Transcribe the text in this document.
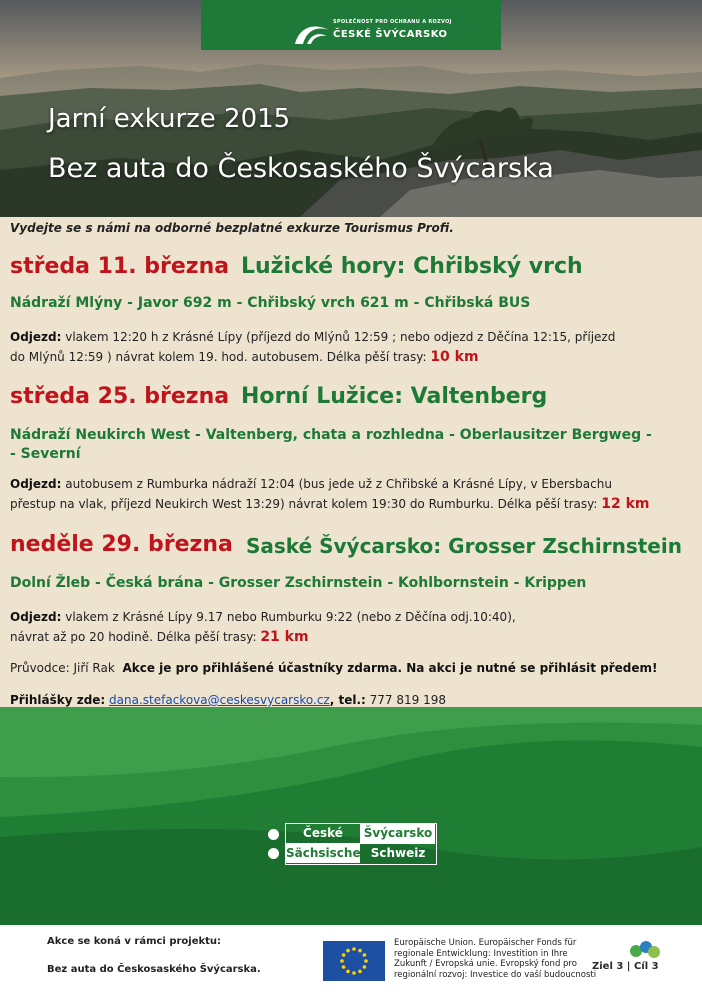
SPOLEČNOST PRO OCHRANU A ROZVOJ
ČESKÉ ŠVÝCARSKO
Jarní exkurze 2015
Bez auta do Českosaského Švýcarska
Vydejte se s námi na odborné bezplatné exkurze Tourismus Profi.
středa 11. března Lužické hory: Chřibský vrch
Nádraží Mlýny - Javor 692 m - Chřibský vrch 621 m - Chřibská BUS
Odjezd: vlakem 12:20 h z Krásné Lípy (příjezd do Mlýnů 12:59 ; nebo odjezd z Děčína 12:15, příjezd
do Mlýnů 12:59 ) návrat kolem 19. hod. autobusem. Délka pěší trasy: 10 km
středa 25. března Horní Lužice: Valtenberg
Nádraží Neukirch West - Valtenberg, chata a rozhledna - Oberlausitzer Bergweg -
- Severní
Odjezd: autobusem z Rumburka nádraží 12:04 (bus jede už z Chřibské a Krásné Lípy, v Ebersbachu
přestup na vlak, příjezd Neukirch West 13:29) návrat kolem 19:30 do Rumburku. Délka pěší trasy: 12 km
neděle 29. března Saské Švýcarsko: Grosser Zschirnstein
Dolní Žleb - Česká brána - Grosser Zschirnstein - Kohlbornstein - Krippen
Odjezd: vlakem z Krásné Lípy 9.17 nebo Rumburku 9:22 (nebo z Děčína odj.10:40),
návrat až po 20 hodině. Délka pěší trasy: 21 km
Průvodce: Jiří Rak Akce je pro přihlášené účastníky zdarma. Na akci je nutné se přihlásit předem!
Přihlášky zde: dana.stefackova@ceskesvycarsko.cz, tel.: 777 819 198
České	Švýcarsko
Sächsische Schweiz
Akce se koná v rámci projektu:
Bez auta do Českosaského Švýcarska.
Europäische Union. Europäischer Fonds für
regionale Entwicklung: Investition in Ihre
Zukunft / Evropská unie. Evropský fond pro
regionální rozvoj: Investice do vaší budoucnosti
Ziel 3 | Cíl 3
